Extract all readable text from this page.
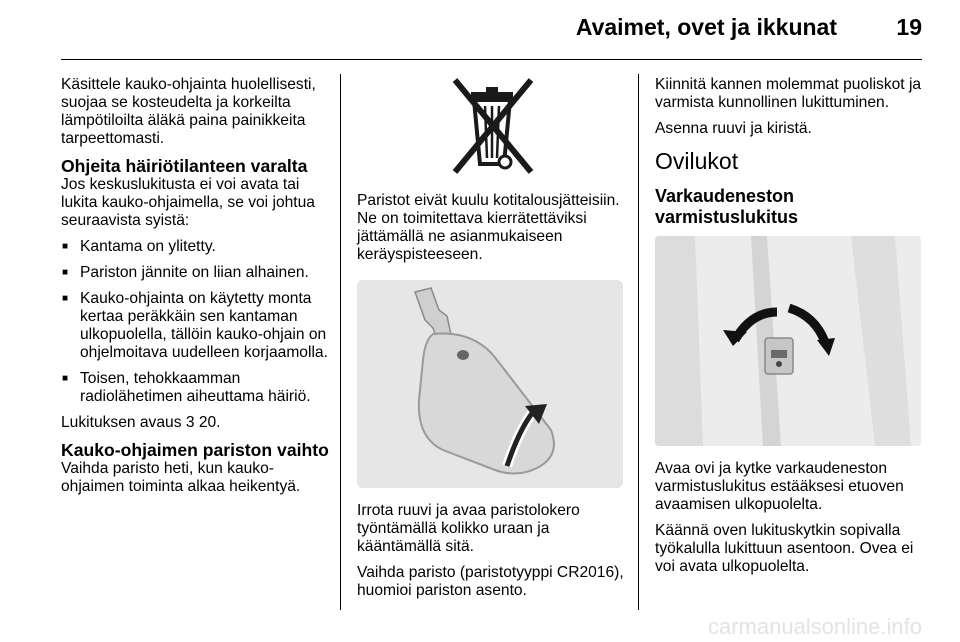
Avaimet, ovet ja ikkunat	19

Käsittele kauko-ohjainta huolellisesti, suojaa se kosteudelta ja korkeilta lämpötiloilta äläkä paina painikkeita tarpeettomasti.

Ohjeita häiriötilanteen varalta

Jos keskuslukitusta ei voi avata tai lukita kauko-ohjaimella, se voi johtua seuraavista syistä:

■ Kantama on ylitetty.
■ Pariston jännite on liian alhainen.
■ Kauko-ohjainta on käytetty monta kertaa peräkkäin sen kantaman ulkopuolella, tällöin kauko-ohjain on ohjelmoitava uudelleen korjaamolla.
■ Toisen, tehokkaamman radiolähetimen aiheuttama häiriö.

Lukituksen avaus 3 20.

Kauko-ohjaimen pariston vaihto

Vaihda paristo heti, kun kauko-ohjaimen toiminta alkaa heikentyä.

Paristot eivät kuulu kotitalousjätteisiin. Ne on toimitettava kierrätettäviksi jättämällä ne asianmukaiseen keräyspisteeseen.

Irrota ruuvi ja avaa paristolokero työntämällä kolikko uraan ja kääntämällä sitä.

Vaihda paristo (paristotyyppi CR2016), huomioi pariston asento.

Kiinnitä kannen molemmat puoliskot ja varmista kunnollinen lukittuminen.

Asenna ruuvi ja kiristä.

Ovilukot
Varkaudeneston varmistuslukitus

Avaa ovi ja kytke varkaudeneston varmistuslukitus estääksesi etuoven avaamisen ulkopuolelta.

Käännä oven lukituskytkin sopivalla työkalulla lukittuun asentoon. Ovea ei voi avata ulkopuolelta.

carmanualsonline.info
